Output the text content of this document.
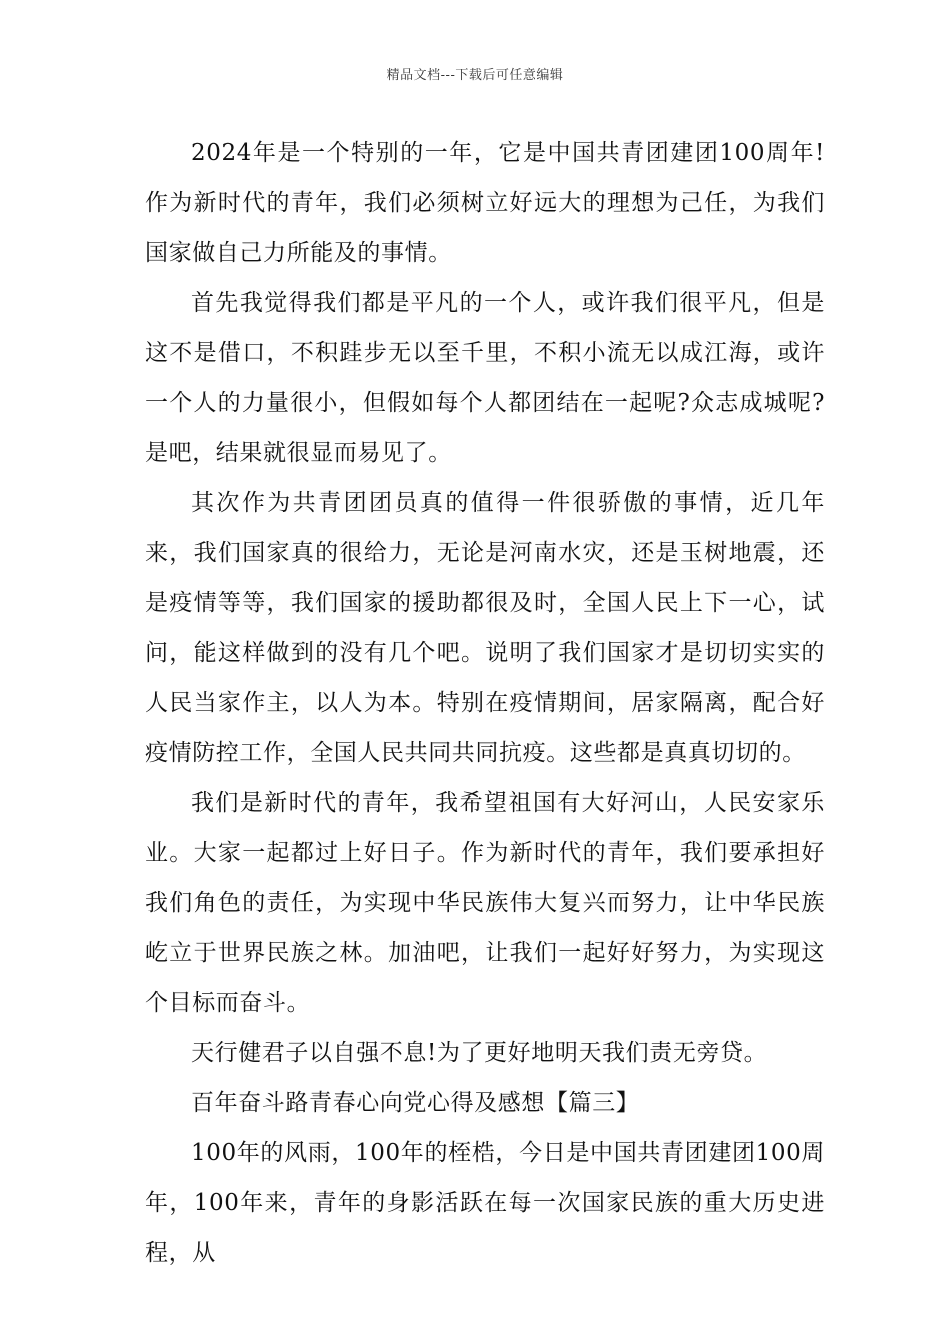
精品文档---下载后可任意编辑

2024年是一个特别的一年，它是中国共青团建团100周年!作为新时代的青年，我们必须树立好远大的理想为己任，为我们国家做自己力所能及的事情。

首先我觉得我们都是平凡的一个人，或许我们很平凡，但是这不是借口，不积跬步无以至千里，不积小流无以成江海，或许一个人的力量很小，但假如每个人都团结在一起呢?众志成城呢?是吧，结果就很显而易见了。

其次作为共青团团员真的值得一件很骄傲的事情，近几年来，我们国家真的很给力，无论是河南水灾，还是玉树地震，还是疫情等等，我们国家的援助都很及时，全国人民上下一心，试问，能这样做到的没有几个吧。说明了我们国家才是切切实实的人民当家作主，以人为本。特别在疫情期间，居家隔离，配合好疫情防控工作，全国人民共同共同抗疫。这些都是真真切切的。

我们是新时代的青年，我希望祖国有大好河山，人民安家乐业。大家一起都过上好日子。作为新时代的青年，我们要承担好我们角色的责任，为实现中华民族伟大复兴而努力，让中华民族屹立于世界民族之林。加油吧，让我们一起好好努力，为实现这个目标而奋斗。

天行健君子以自强不息!为了更好地明天我们责无旁贷。

百年奋斗路青春心向党心得及感想【篇三】

100年的风雨，100年的桎梏，今日是中国共青团建团100周年，100年来，青年的身影活跃在每一次国家民族的重大历史进程，从
